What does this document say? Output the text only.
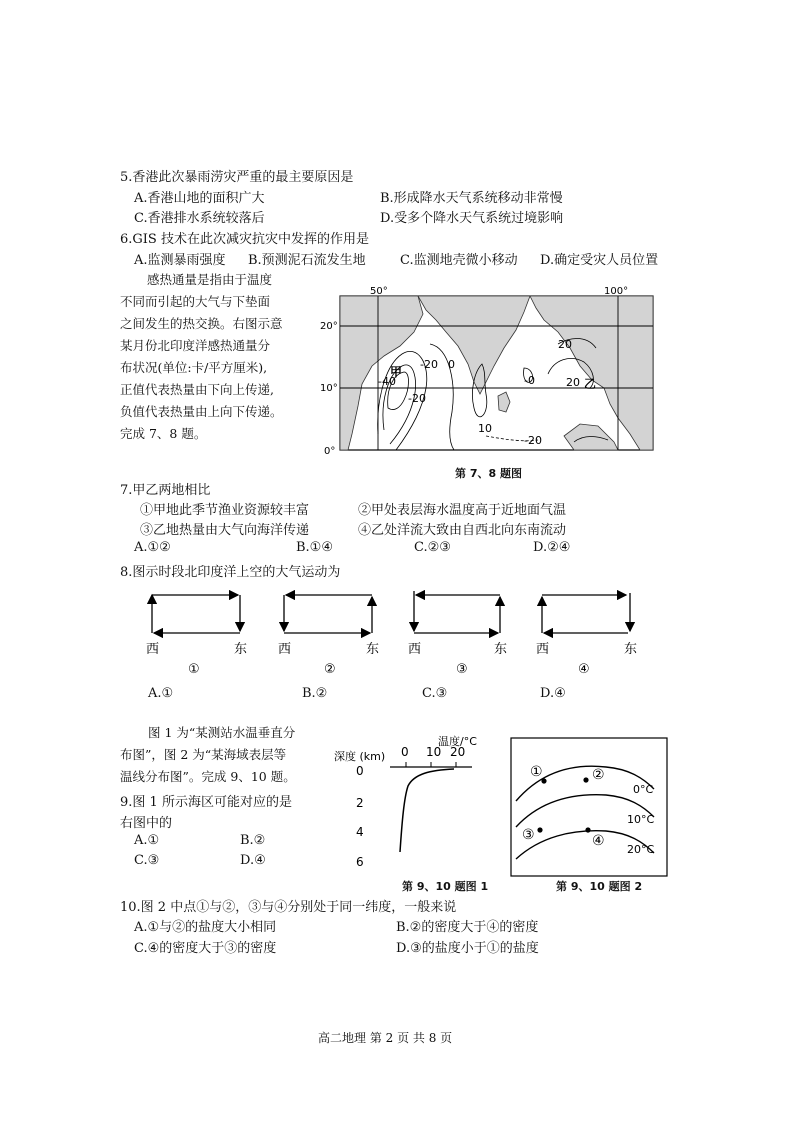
5.香港此次暴雨涝灾严重的最主要原因是
A.香港山地的面积广大	B.形成降水天气系统移动非常慢
C.香港排水系统较落后	D.受多个降水天气系统过境影响
6.GIS 技术在此次减灾抗灾中发挥的作用是
A.监测暴雨强度 B.预测泥石流发生地	C.监测地壳微小移动 D.确定受灾人员位置
感热通量是指由于温度
不同而引起的大气与下垫面
之间发生的热交换。右图示意
某月份北印度洋感热通量分
布状况(单位:卡/平方厘米),
正值代表热量由下向上传递,
负值代表热量由上向下传递。
完成 7、8 题。
50°	100°
20°
10°
0°
-20 0
-40
-20
10
20
-0	20
-20
甲
乙
第 7、8 题图
7.甲乙两地相比
①甲地此季节渔业资源较丰富	②甲处表层海水温度高于近地面气温
③乙地热量由大气向海洋传递	④乙处洋流大致由自西北向东南流动
A.①②	B.①④	C.②③	D.②④
8.图示时段北印度洋上空的大气运动为
西	东 西	东 西	东 西	东
①	②	③	④
A.①	B.②	C.③	D.④
图 1 为“某测站水温垂直分
布图”，图 2 为“某海域表层等
温线分布图”。完成 9、10 题。
9.图 1 所示海区可能对应的是
右图中的
A.①	B.②
C.③	D.④
深度 (km)
温度/°C
0 10 20
0
2
4
6
第 9、10 题图 1
①	②
③	④
0°C
10°C
20°C
第 9、10 题图 2
10.图 2 中点①与②，③与④分别处于同一纬度，一般来说
A.①与②的盐度大小相同	B.②的密度大于④的密度
C.④的密度大于③的密度	D.③的盐度小于①的盐度
高二地理 第 2 页 共 8 页
